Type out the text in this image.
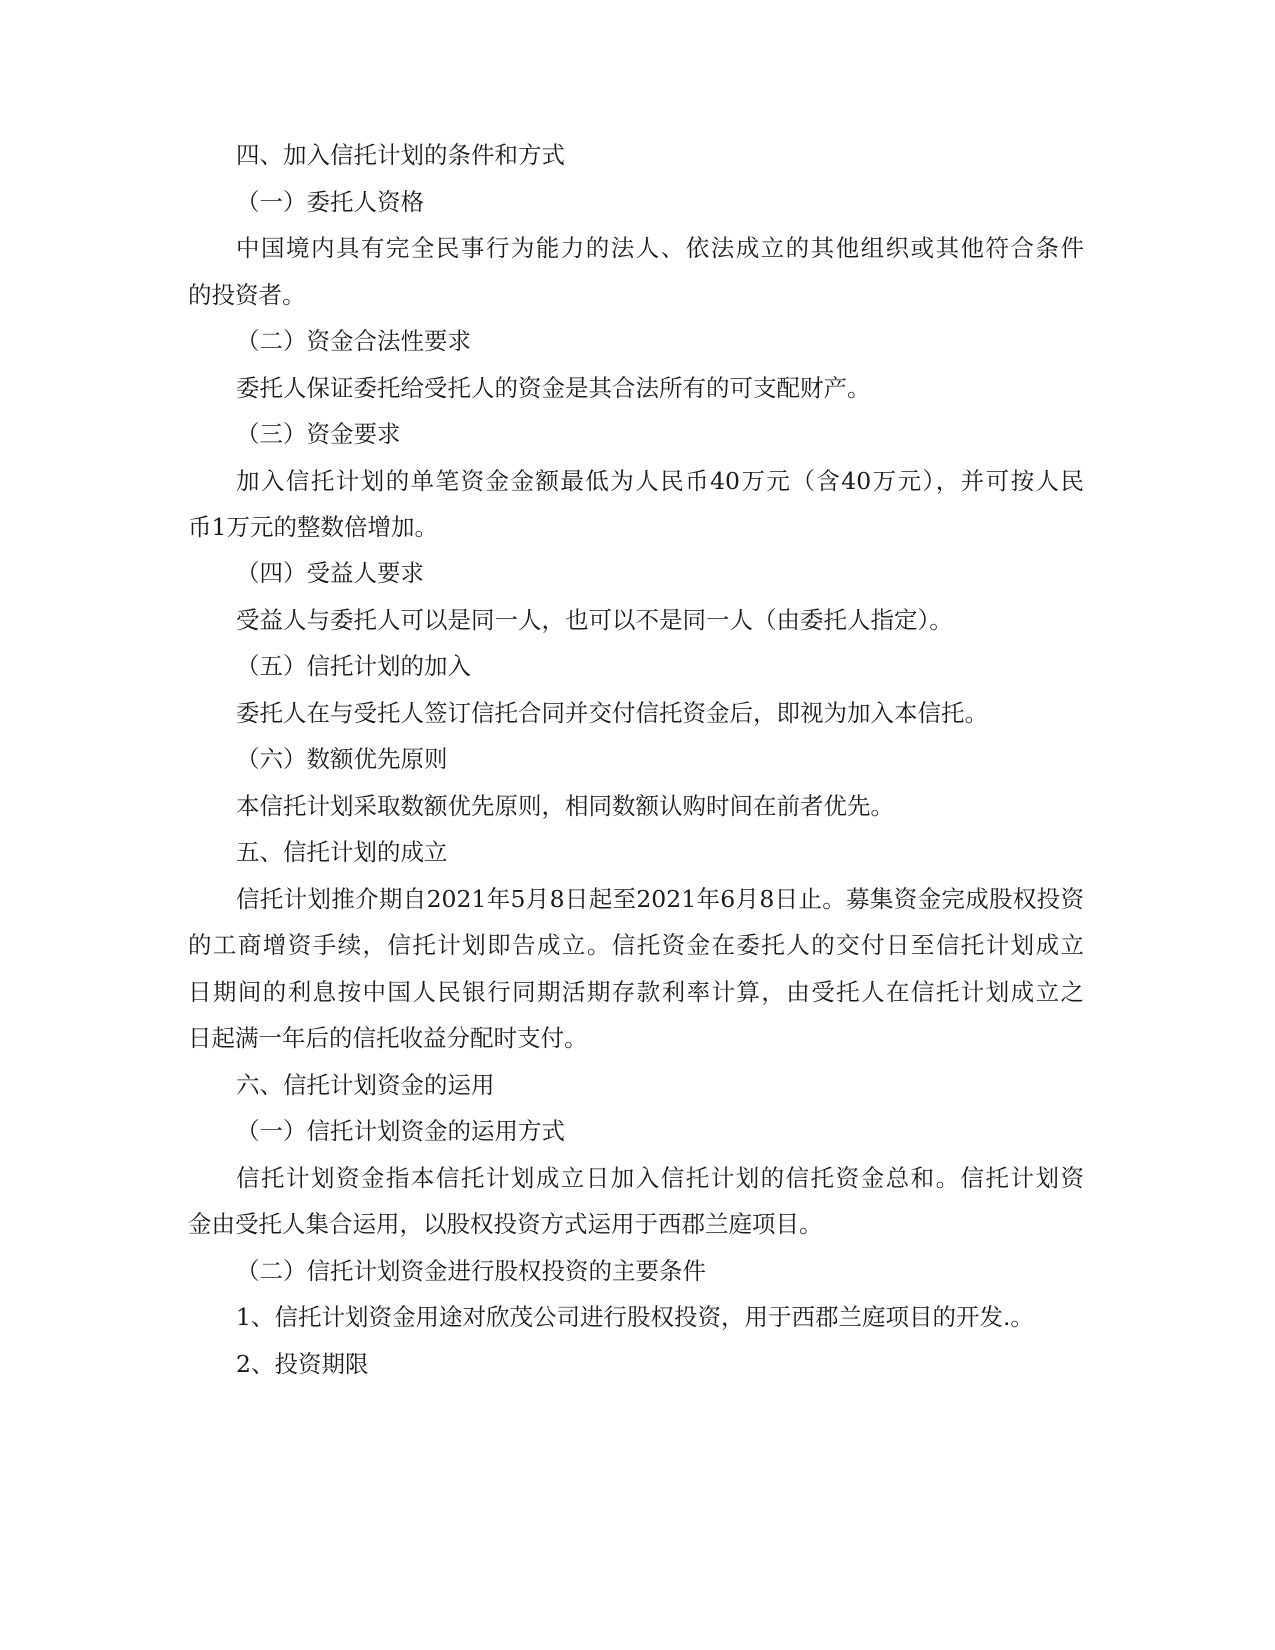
四、加入信托计划的条件和方式
（一）委托人资格
中国境内具有完全民事行为能力的法人、依法成立的其他组织或其他符合条件
的投资者。
（二）资金合法性要求
委托人保证委托给受托人的资金是其合法所有的可支配财产。
（三）资金要求
加入信托计划的单笔资金金额最低为人民币40万元（含40万元），并可按人民
币1万元的整数倍增加。
（四）受益人要求
受益人与委托人可以是同一人，也可以不是同一人（由委托人指定）。
（五）信托计划的加入
委托人在与受托人签订信托合同并交付信托资金后，即视为加入本信托。
（六）数额优先原则
本信托计划采取数额优先原则，相同数额认购时间在前者优先。
五、信托计划的成立
信托计划推介期自2021年5月8日起至2021年6月8日止。募集资金完成股权投资
的工商增资手续，信托计划即告成立。信托资金在委托人的交付日至信托计划成立
日期间的利息按中国人民银行同期活期存款利率计算，由受托人在信托计划成立之
日起满一年后的信托收益分配时支付。
六、信托计划资金的运用
（一）信托计划资金的运用方式
信托计划资金指本信托计划成立日加入信托计划的信托资金总和。信托计划资
金由受托人集合运用，以股权投资方式运用于西郡兰庭项目。
（二）信托计划资金进行股权投资的主要条件
1、信托计划资金用途对欣茂公司进行股权投资，用于西郡兰庭项目的开发.。
2、投资期限
